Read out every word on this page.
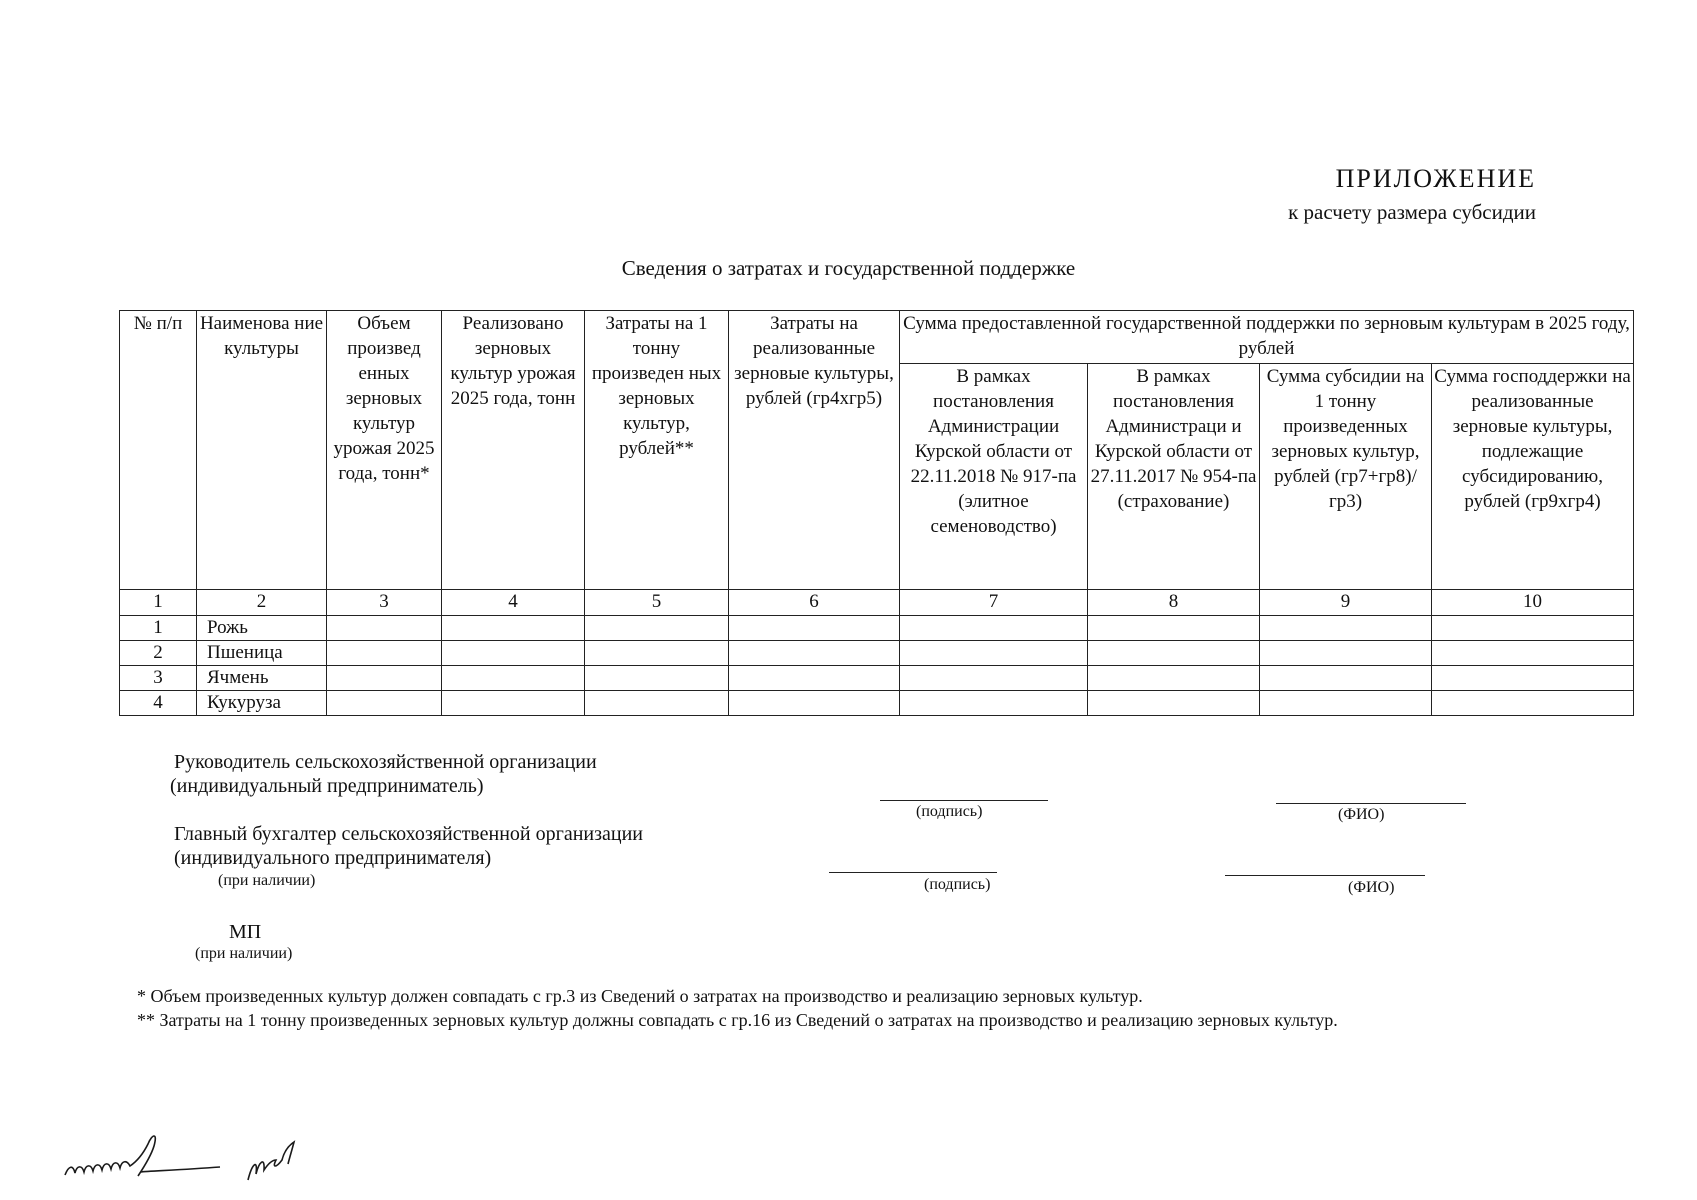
ПРИЛОЖЕНИЕ
к расчету размера субсидии
Сведения о затратах и государственной поддержке
№ п/п	Наименова ние культуры	Объем произвед енных зерновых культур урожая 2025 года, тонн*	Реализовано зерновых культур урожая 2025 года, тонн	Затраты на 1 тонну произведен ных зерновых культур, рублей**	Затраты на реализованные зерновые культуры, рублей (гр4хгр5)	Сумма предоставленной государственной поддержки по зерновым культурам в 2025 году, рублей			
						В рамках постановления Администрации Курской области от 22.11.2018 № 917-па (элитное семеноводство)	В рамках постановления Администраци и Курской области от 27.11.2017 № 954-па (страхование)	Сумма субсидии на 1 тонну произведенных зерновых культур, рублей (гр7+гр8)/гр3)	Сумма господдержки на реализованные зерновые культуры, подлежащие субсидированию, рублей (гр9хгр4)
1	2	3	4	5	6	7	8	9	10
1	Рожь								
2	Пшеница								
3	Ячмень								
4	Кукуруза								
Руководитель сельскохозяйственной организации
(индивидуальный предприниматель)
(подпись)	(ФИО)
Главный бухгалтер сельскохозяйственной организации
(индивидуального предпринимателя)
(при наличии)	(подпись)	(ФИО)
МП
(при наличии)
* Объем произведенных культур должен совпадать с гр.3 из Сведений о затратах на производство и реализацию зерновых культур.
** Затраты на 1 тонну произведенных зерновых культур должны совпадать с гр.16 из Сведений о затратах на производство и реализацию зерновых культур.
